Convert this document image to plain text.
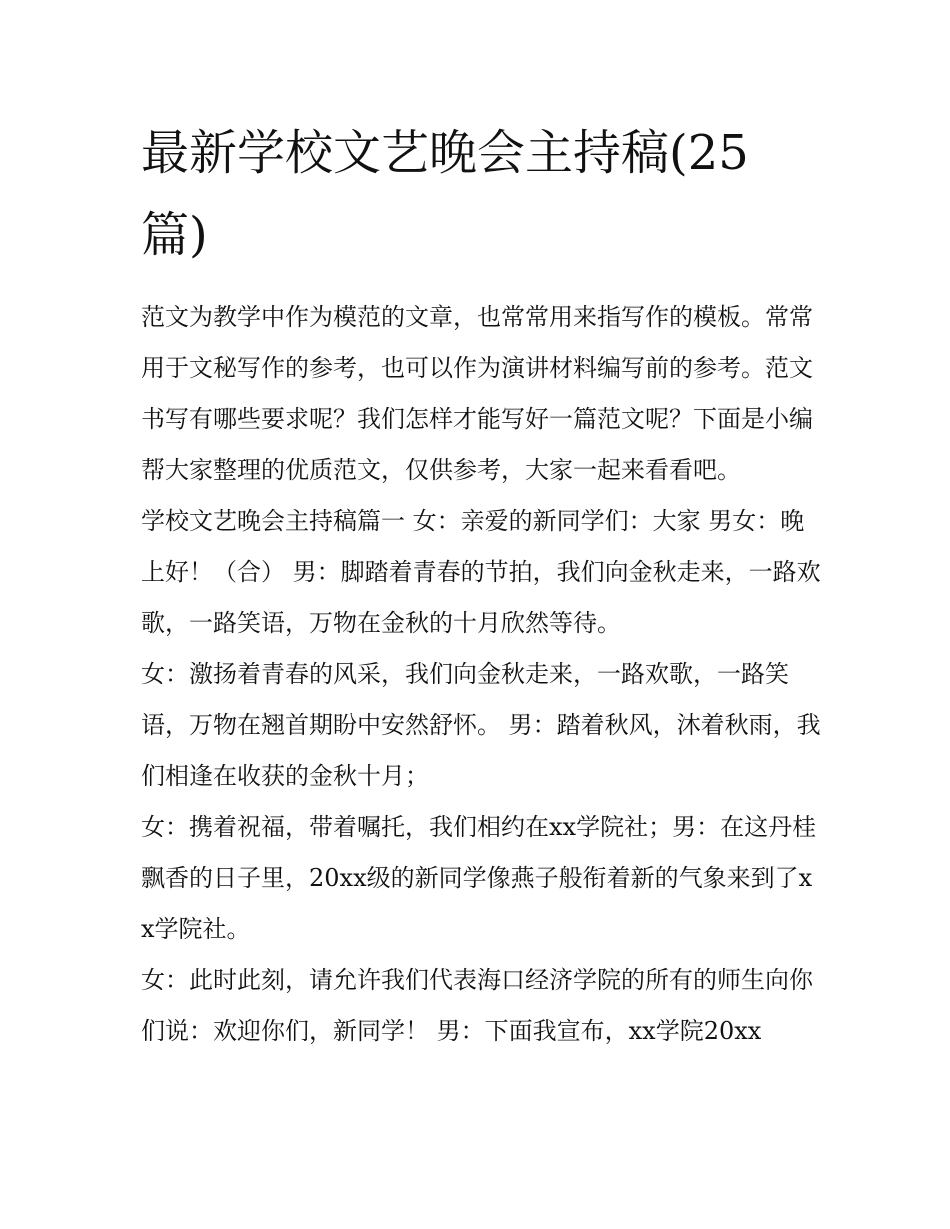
最新学校文艺晚会主持稿(25篇)

范文为教学中作为模范的文章，也常常用来指写作的模板。常常用于文秘写作的参考，也可以作为演讲材料编写前的参考。范文书写有哪些要求呢？我们怎样才能写好一篇范文呢？下面是小编帮大家整理的优质范文，仅供参考，大家一起来看看吧。

学校文艺晚会主持稿篇一 女：亲爱的新同学们：大家 男女：晚上好！（合） 男：脚踏着青春的节拍，我们向金秋走来，一路欢歌，一路笑语，万物在金秋的十月欣然等待。

女：激扬着青春的风采，我们向金秋走来，一路欢歌，一路笑语，万物在翘首期盼中安然舒怀。 男：踏着秋风，沐着秋雨，我们相逢在收获的金秋十月；

女：携着祝福，带着嘱托，我们相约在xx学院社；男：在这丹桂飘香的日子里，20xx级的新同学像燕子般衔着新的气象来到了xx学院社。

女：此时此刻，请允许我们代表海口经济学院的所有的师生向你们说：欢迎你们，新同学！ 男：下面我宣布，xx学院20xx
